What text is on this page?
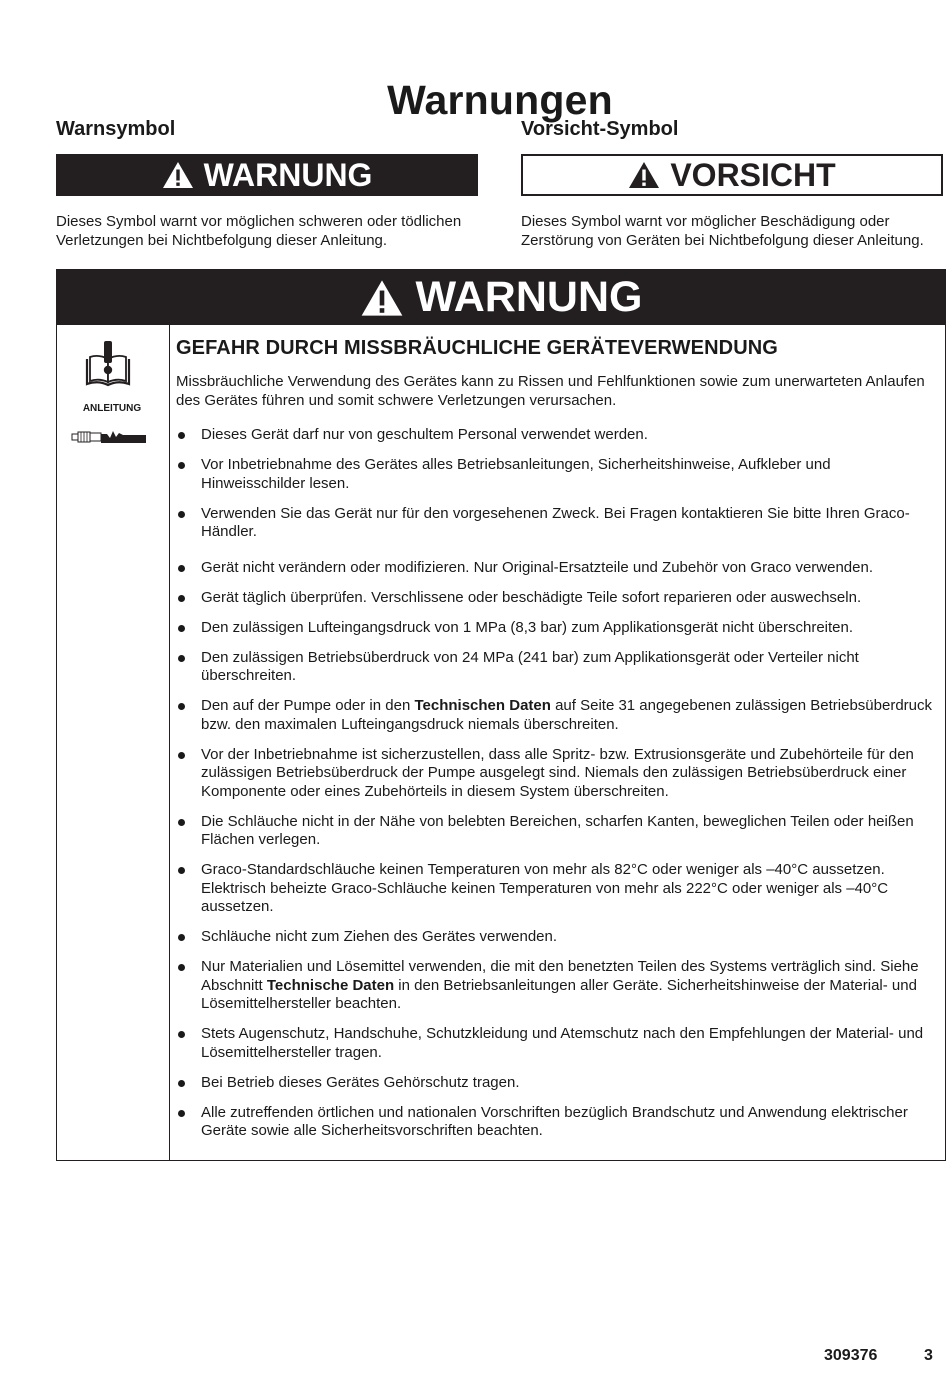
Warnungen
Warnsymbol
WARNUNG

Dieses Symbol warnt vor möglichen schweren oder tödlichen Verletzungen bei Nichtbefolgung dieser Anleitung.

Vorsicht-Symbol
VORSICHT

Dieses Symbol warnt vor möglicher Beschädigung oder Zerstörung von Geräten bei Nichtbefolgung dieser Anleitung.

WARNUNG
ANLEITUNG
GEFAHR DURCH MISSBRÄUCHLICHE GERÄTEVERWENDUNG

Missbräuchliche Verwendung des Gerätes kann zu Rissen und Fehlfunktionen sowie zum unerwarteten Anlaufen des Gerätes führen und somit schwere Verletzungen verursachen.

Dieses Gerät darf nur von geschultem Personal verwendet werden.
Vor Inbetriebnahme des Gerätes alles Betriebsanleitungen, Sicherheitshinweise, Aufkleber und Hinweisschilder lesen.
Verwenden Sie das Gerät nur für den vorgesehenen Zweck. Bei Fragen kontaktieren Sie bitte Ihren Graco-Händler.
Gerät nicht verändern oder modifizieren. Nur Original-Ersatzteile und Zubehör von Graco verwenden.
Gerät täglich überprüfen. Verschlissene oder beschädigte Teile sofort reparieren oder auswechseln.
Den zulässigen Lufteingangsdruck von 1 MPa (8,3 bar) zum Applikationsgerät nicht überschreiten.
Den zulässigen Betriebsüberdruck von 24 MPa (241 bar) zum Applikationsgerät oder Verteiler nicht überschreiten.
Den auf der Pumpe oder in den Technischen Daten auf Seite 31 angegebenen zulässigen Betriebsüberdruck bzw. den maximalen Lufteingangsdruck niemals überschreiten.
Vor der Inbetriebnahme ist sicherzustellen, dass alle Spritz- bzw. Extrusionsgeräte und Zubehörteile für den zulässigen Betriebsüberdruck der Pumpe ausgelegt sind. Niemals den zulässigen Betriebsüberdruck einer Komponente oder eines Zubehörteils in diesem System überschreiten.
Die Schläuche nicht in der Nähe von belebten Bereichen, scharfen Kanten, beweglichen Teilen oder heißen Flächen verlegen.
Graco-Standardschläuche keinen Temperaturen von mehr als 82°C oder weniger als –40°C aussetzen. Elektrisch beheizte Graco-Schläuche keinen Temperaturen von mehr als 222°C oder weniger als –40°C aussetzen.
Schläuche nicht zum Ziehen des Gerätes verwenden.
Nur Materialien und Lösemittel verwenden, die mit den benetzten Teilen des Systems verträglich sind. Siehe Abschnitt Technische Daten in den Betriebsanleitungen aller Geräte. Sicherheitshinweise der Material- und Lösemittelhersteller beachten.
Stets Augenschutz, Handschuhe, Schutzkleidung und Atemschutz nach den Empfehlungen der Material- und Lösemittelhersteller tragen.
Bei Betrieb dieses Gerätes Gehörschutz tragen.
Alle zutreffenden örtlichen und nationalen Vorschriften bezüglich Brandschutz und Anwendung elektrischer Geräte sowie alle Sicherheitsvorschriften beachten.
309376	3
